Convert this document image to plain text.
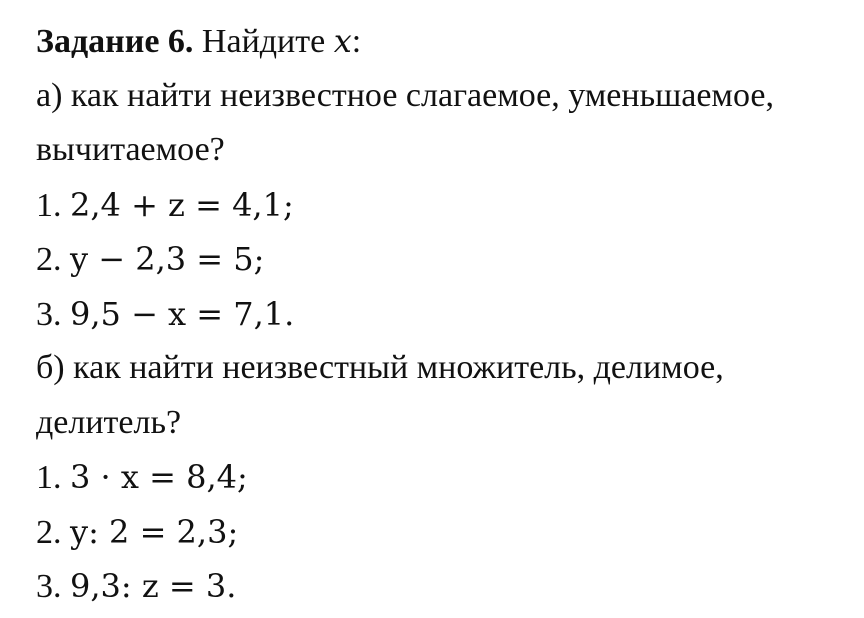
Задание 6. Найдите x:
а) как найти неизвестное слагаемое, уменьшаемое,
вычитаемое?
1. 2,4 + z = 4,1;
2. y − 2,3 = 5;
3. 9,5 − x = 7,1.
б) как найти неизвестный множитель, делимое,
делитель?
1. 3 · x = 8,4;
2. y: 2 = 2,3;
3. 9,3: z = 3.
